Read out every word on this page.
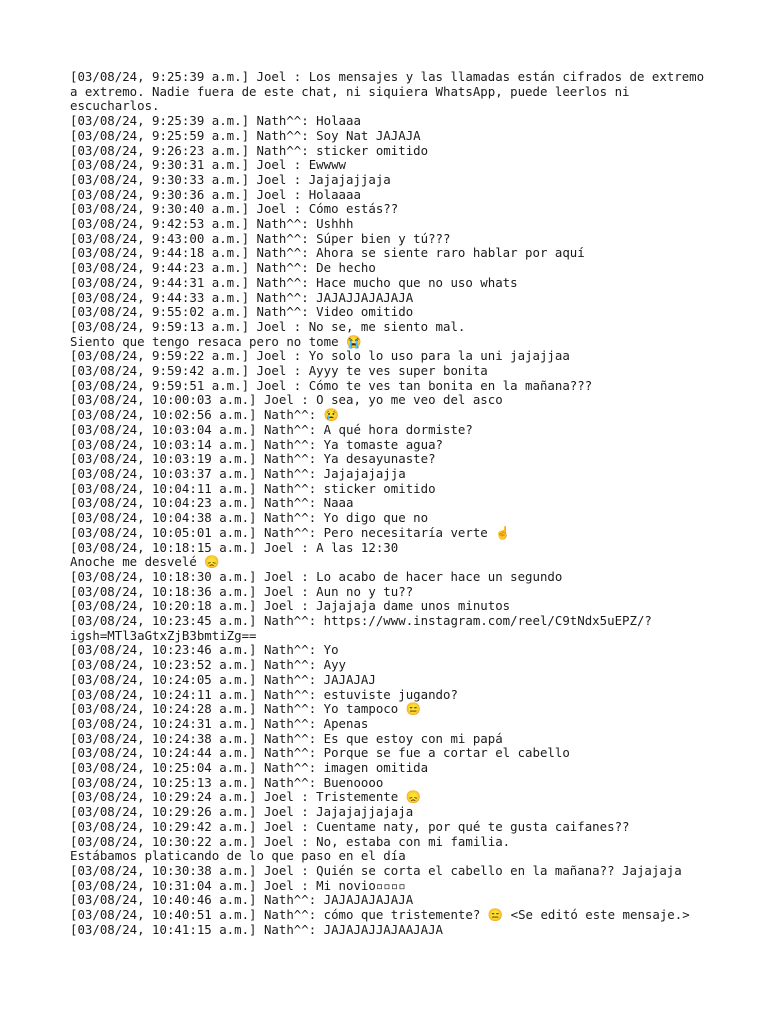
[03/08/24, 9:25:39 a.m.] Joel : Los mensajes y las llamadas están cifrados de extremo a extremo. Nadie fuera de este chat, ni siquiera WhatsApp, puede leerlos ni escucharlos.

[03/08/24, 9:25:39 a.m.] Nath^^: Holaaa

[03/08/24, 9:25:59 a.m.] Nath^^: Soy Nat JAJAJA

[03/08/24, 9:26:23 a.m.] Nath^^: sticker omitido

[03/08/24, 9:30:31 a.m.] Joel : Ewwww

[03/08/24, 9:30:33 a.m.] Joel : Jajajajjaja

[03/08/24, 9:30:36 a.m.] Joel : Holaaaa

[03/08/24, 9:30:40 a.m.] Joel : Cómo estás??

[03/08/24, 9:42:53 a.m.] Nath^^: Ushhh

[03/08/24, 9:43:00 a.m.] Nath^^: Súper bien y tú???

[03/08/24, 9:44:18 a.m.] Nath^^: Ahora se siente raro hablar por aquí

[03/08/24, 9:44:23 a.m.] Nath^^: De hecho

[03/08/24, 9:44:31 a.m.] Nath^^: Hace mucho que no uso whats

[03/08/24, 9:44:33 a.m.] Nath^^: JAJAJJAJAJAJA

[03/08/24, 9:55:02 a.m.] Nath^^: Video omitido

[03/08/24, 9:59:13 a.m.] Joel : No se, me siento mal.

Siento que tengo resaca pero no tome 😭

[03/08/24, 9:59:22 a.m.] Joel : Yo solo lo uso para la uni jajajjaa

[03/08/24, 9:59:42 a.m.] Joel : Ayyy te ves super bonita

[03/08/24, 9:59:51 a.m.] Joel : Cómo te ves tan bonita en la mañana???

[03/08/24, 10:00:03 a.m.] Joel : O sea, yo me veo del asco

[03/08/24, 10:02:56 a.m.] Nath^^: 😢

[03/08/24, 10:03:04 a.m.] Nath^^: A qué hora dormiste?

[03/08/24, 10:03:14 a.m.] Nath^^: Ya tomaste agua?

[03/08/24, 10:03:19 a.m.] Nath^^: Ya desayunaste?

[03/08/24, 10:03:37 a.m.] Nath^^: Jajajajajja

[03/08/24, 10:04:11 a.m.] Nath^^: sticker omitido

[03/08/24, 10:04:23 a.m.] Nath^^: Naaa

[03/08/24, 10:04:38 a.m.] Nath^^: Yo digo que no

[03/08/24, 10:05:01 a.m.] Nath^^: Pero necesitaría verte ☝️

[03/08/24, 10:18:15 a.m.] Joel : A las 12:30

Anoche me desvelé 😞

[03/08/24, 10:18:30 a.m.] Joel : Lo acabo de hacer hace un segundo

[03/08/24, 10:18:36 a.m.] Joel : Aun no y tu??

[03/08/24, 10:20:18 a.m.] Joel : Jajajaja dame unos minutos

[03/08/24, 10:23:45 a.m.] Nath^^: https://www.instagram.com/reel/C9tNdx5uEPZ/?igsh=MTl3aGtxZjB3bmtiZg==

[03/08/24, 10:23:46 a.m.] Nath^^: Yo

[03/08/24, 10:23:52 a.m.] Nath^^: Ayy

[03/08/24, 10:24:05 a.m.] Nath^^: JAJAJAJ

[03/08/24, 10:24:11 a.m.] Nath^^: estuviste jugando?

[03/08/24, 10:24:28 a.m.] Nath^^: Yo tampoco 😑

[03/08/24, 10:24:31 a.m.] Nath^^: Apenas

[03/08/24, 10:24:38 a.m.] Nath^^: Es que estoy con mi papá

[03/08/24, 10:24:44 a.m.] Nath^^: Porque se fue a cortar el cabello

[03/08/24, 10:25:04 a.m.] Nath^^: imagen omitida

[03/08/24, 10:25:13 a.m.] Nath^^: Buenoooo

[03/08/24, 10:29:24 a.m.] Joel : Tristemente 😞

[03/08/24, 10:29:26 a.m.] Joel : Jajajajjajaja

[03/08/24, 10:29:42 a.m.] Joel : Cuentame naty, por qué te gusta caifanes??

[03/08/24, 10:30:22 a.m.] Joel : No, estaba con mi familia.

Estábamos platicando de lo que paso en el día

[03/08/24, 10:30:38 a.m.] Joel : Quién se corta el cabello en la mañana?? Jajajaja

[03/08/24, 10:31:04 a.m.] Joel : Mi novio▫▫▫▫

[03/08/24, 10:40:46 a.m.] Nath^^: JAJAJAJAJAJA

[03/08/24, 10:40:51 a.m.] Nath^^: cómo que tristemente? 😑 <Se editó este mensaje.>

[03/08/24, 10:41:15 a.m.] Nath^^: JAJAJAJJAJAAJAJA
